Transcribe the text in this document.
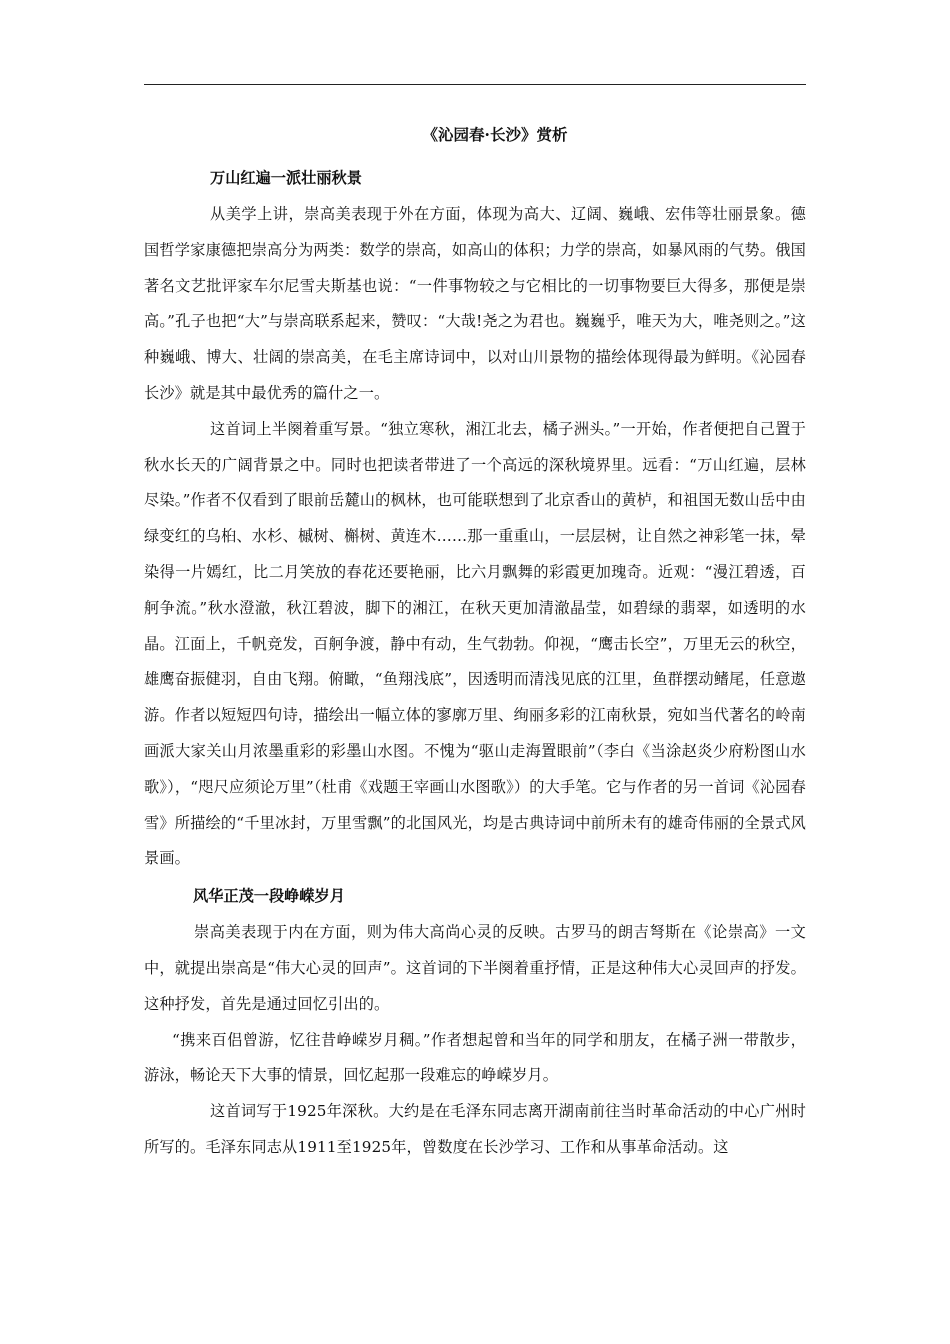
《沁园春·长沙》赏析
万山红遍一派壮丽秋景

从美学上讲，崇高美表现于外在方面，体现为高大、辽阔、巍峨、宏伟等壮丽景象。德国哲学家康德把崇高分为两类：数学的崇高，如高山的体积；力学的崇高，如暴风雨的气势。俄国著名文艺批评家车尔尼雪夫斯基也说：“一件事物较之与它相比的一切事物要巨大得多，那便是崇高。”孔子也把“大”与崇高联系起来，赞叹：“大哉!尧之为君也。巍巍乎，唯天为大，唯尧则之。”这种巍峨、博大、壮阔的崇高美，在毛主席诗词中，以对山川景物的描绘体现得最为鲜明。《沁园春长沙》就是其中最优秀的篇什之一。

这首词上半阕着重写景。“独立寒秋，湘江北去，橘子洲头。”一开始，作者便把自己置于秋水长天的广阔背景之中。同时也把读者带进了一个高远的深秋境界里。远看：“万山红遍，层林尽染。”作者不仅看到了眼前岳麓山的枫林，也可能联想到了北京香山的黄栌，和祖国无数山岳中由绿变红的乌桕、水杉、槭树、槲树、黄连木……那一重重山，一层层树，让自然之神彩笔一抹，晕染得一片嫣红，比二月笑放的春花还要艳丽，比六月飘舞的彩霞更加瑰奇。近观：“漫江碧透，百舸争流。”秋水澄澈，秋江碧波，脚下的湘江，在秋天更加清澈晶莹，如碧绿的翡翠，如透明的水晶。江面上，千帆竞发，百舸争渡，静中有动，生气勃勃。仰视，“鹰击长空”，万里无云的秋空，雄鹰奋振健羽，自由飞翔。俯瞰，“鱼翔浅底”，因透明而清浅见底的江里，鱼群摆动鳍尾，任意遨游。作者以短短四句诗，描绘出一幅立体的寥廓万里、绚丽多彩的江南秋景，宛如当代著名的岭南画派大家关山月浓墨重彩的彩墨山水图。不愧为“驱山走海置眼前”（李白《当涂赵炎少府粉图山水歌》），“咫尺应须论万里”（杜甫《戏题王宰画山水图歌》）的大手笔。它与作者的另一首词《沁园春雪》所描绘的“千里冰封，万里雪飘”的北国风光，均是古典诗词中前所未有的雄奇伟丽的全景式风景画。

风华正茂一段峥嵘岁月

崇高美表现于内在方面，则为伟大高尚心灵的反映。古罗马的朗吉弩斯在《论崇高》一文中，就提出崇高是“伟大心灵的回声”。这首词的下半阕着重抒情，正是这种伟大心灵回声的抒发。这种抒发，首先是通过回忆引出的。

“携来百侣曾游，忆往昔峥嵘岁月稠。”作者想起曾和当年的同学和朋友，在橘子洲一带散步，游泳，畅论天下大事的情景，回忆起那一段难忘的峥嵘岁月。

这首词写于1925年深秋。大约是在毛泽东同志离开湖南前往当时革命活动的中心广州时所写的。毛泽东同志从1911至1925年，曾数度在长沙学习、工作和从事革命活动。这
